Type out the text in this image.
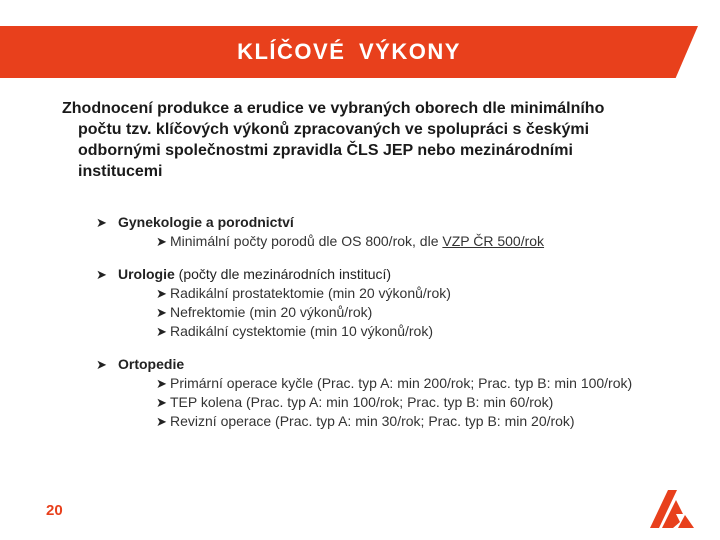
KLÍČOVÉ VÝKONY
Zhodnocení produkce a erudice ve vybraných oborech dle minimálního počtu tzv. klíčových výkonů zpracovaných ve spolupráci s českými odbornými společnostmi zpravidla ČLS JEP nebo mezinárodními institucemi
➤ Gynekologie a porodnictví
➤ Minimální počty porodů dle OS 800/rok, dle VZP ČR 500/rok
➤ Urologie (počty dle mezinárodních institucí)
➤ Radikální prostatektomie (min 20 výkonů/rok)
➤ Nefrektomie (min 20 výkonů/rok)
➤ Radikální cystektomie (min 10 výkonů/rok)
➤ Ortopedie
➤ Primární operace kyčle (Prac. typ A: min 200/rok; Prac. typ B: min 100/rok)
➤ TEP kolena (Prac. typ A: min 100/rok; Prac. typ B: min 60/rok)
➤ Revizní operace (Prac. typ A: min 30/rok; Prac. typ B: min 20/rok)
20
